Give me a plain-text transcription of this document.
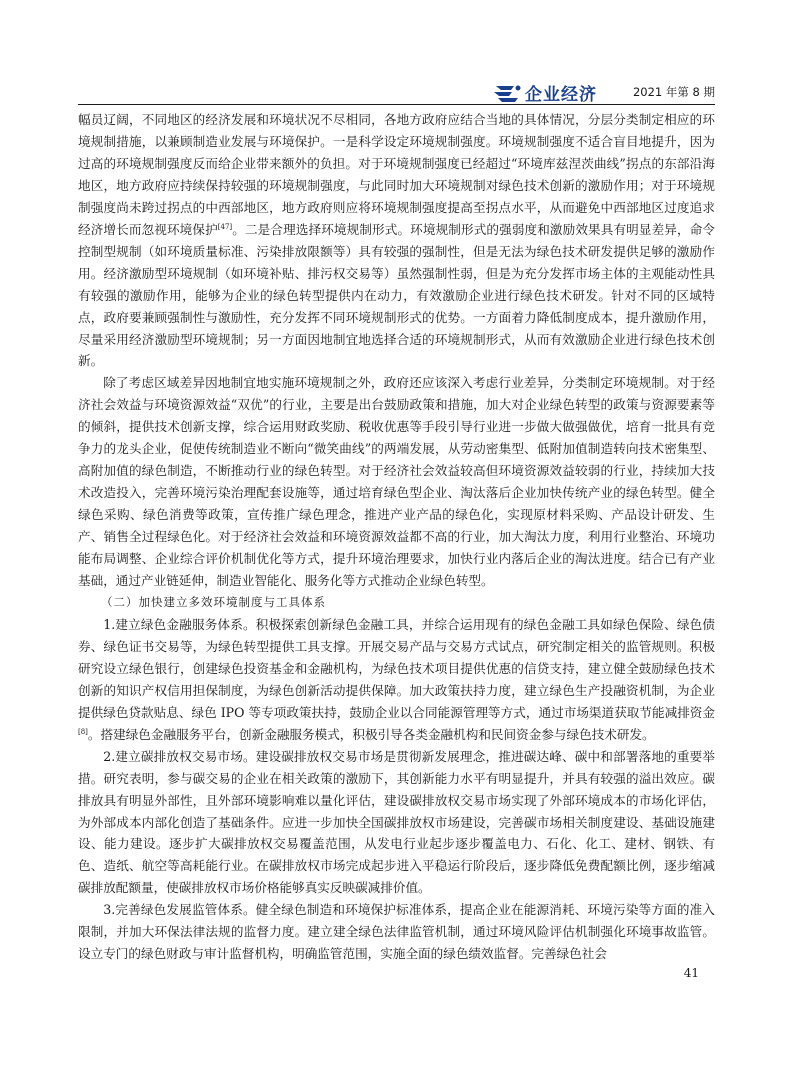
企业经济	2021 年第 8 期

幅员辽阔，不同地区的经济发展和环境状况不尽相同，各地方政府应结合当地的具体情况，分层分类制定相应的环境规制措施，以兼顾制造业发展与环境保护。一是科学设定环境规制强度。环境规制强度不适合盲目地提升，因为过高的环境规制强度反而给企业带来额外的负担。对于环境规制强度已经超过“环境库兹涅茨曲线”拐点的东部沿海地区，地方政府应持续保持较强的环境规制强度，与此同时加大环境规制对绿色技术创新的激励作用；对于环境规制强度尚未跨过拐点的中西部地区，地方政府则应将环境规制强度提高至拐点水平，从而避免中西部地区过度追求经济增长而忽视环境保护[47]。二是合理选择环境规制形式。环境规制形式的强弱度和激励效果具有明显差异，命令控制型规制（如环境质量标准、污染排放限额等）具有较强的强制性，但是无法为绿色技术研发提供足够的激励作用。经济激励型环境规制（如环境补贴、排污权交易等）虽然强制性弱，但是为充分发挥市场主体的主观能动性具有较强的激励作用，能够为企业的绿色转型提供内在动力，有效激励企业进行绿色技术研发。针对不同的区域特点，政府要兼顾强制性与激励性，充分发挥不同环境规制形式的优势。一方面着力降低制度成本，提升激励作用，尽量采用经济激励型环境规制；另一方面因地制宜地选择合适的环境规制形式，从而有效激励企业进行绿色技术创新。

除了考虑区域差异因地制宜地实施环境规制之外，政府还应该深入考虑行业差异，分类制定环境规制。对于经济社会效益与环境资源效益“双优”的行业，主要是出台鼓励政策和措施，加大对企业绿色转型的政策与资源要素等的倾斜，提供技术创新支撑，综合运用财政奖励、税收优惠等手段引导行业进一步做大做强做优，培育一批具有竞争力的龙头企业，促使传统制造业不断向“微笑曲线”的两端发展，从劳动密集型、低附加值制造转向技术密集型、高附加值的绿色制造，不断推动行业的绿色转型。对于经济社会效益较高但环境资源效益较弱的行业，持续加大技术改造投入，完善环境污染治理配套设施等，通过培育绿色型企业、淘汰落后企业加快传统产业的绿色转型。健全绿色采购、绿色消费等政策，宣传推广绿色理念，推进产业产品的绿色化，实现原材料采购、产品设计研发、生产、销售全过程绿色化。对于经济社会效益和环境资源效益都不高的行业，加大淘汰力度，利用行业整治、环境功能布局调整、企业综合评价机制优化等方式，提升环境治理要求，加快行业内落后企业的淘汰进度。结合已有产业基础，通过产业链延伸，制造业智能化、服务化等方式推动企业绿色转型。

（二）加快建立多效环境制度与工具体系

1.建立绿色金融服务体系。积极探索创新绿色金融工具，并综合运用现有的绿色金融工具如绿色保险、绿色债券、绿色证书交易等，为绿色转型提供工具支撑。开展交易产品与交易方式试点，研究制定相关的监管规则。积极研究设立绿色银行，创建绿色投资基金和金融机构，为绿色技术项目提供优惠的信贷支持，建立健全鼓励绿色技术创新的知识产权信用担保制度，为绿色创新活动提供保障。加大政策扶持力度，建立绿色生产投融资机制，为企业提供绿色贷款贴息、绿色 IPO 等专项政策扶持，鼓励企业以合同能源管理等方式，通过市场渠道获取节能减排资金[8]。搭建绿色金融服务平台，创新金融服务模式，积极引导各类金融机构和民间资金参与绿色技术研发。

2.建立碳排放权交易市场。建设碳排放权交易市场是贯彻新发展理念，推进碳达峰、碳中和部署落地的重要举措。研究表明，参与碳交易的企业在相关政策的激励下，其创新能力水平有明显提升，并具有较强的溢出效应。碳排放具有明显外部性，且外部环境影响难以量化评估，建设碳排放权交易市场实现了外部环境成本的市场化评估，为外部成本内部化创造了基础条件。应进一步加快全国碳排放权市场建设，完善碳市场相关制度建设、基础设施建设、能力建设。逐步扩大碳排放权交易覆盖范围，从发电行业起步逐步覆盖电力、石化、化工、建材、钢铁、有色、造纸、航空等高耗能行业。在碳排放权市场完成起步进入平稳运行阶段后，逐步降低免费配额比例，逐步缩减碳排放配额量，使碳排放权市场价格能够真实反映碳减排价值。

3.完善绿色发展监管体系。健全绿色制造和环境保护标准体系，提高企业在能源消耗、环境污染等方面的准入限制，并加大环保法律法规的监督力度。建立建全绿色法律监管机制，通过环境风险评估机制强化环境事故监管。设立专门的绿色财政与审计监督机构，明确监管范围，实施全面的绿色绩效监督。完善绿色社会

41
